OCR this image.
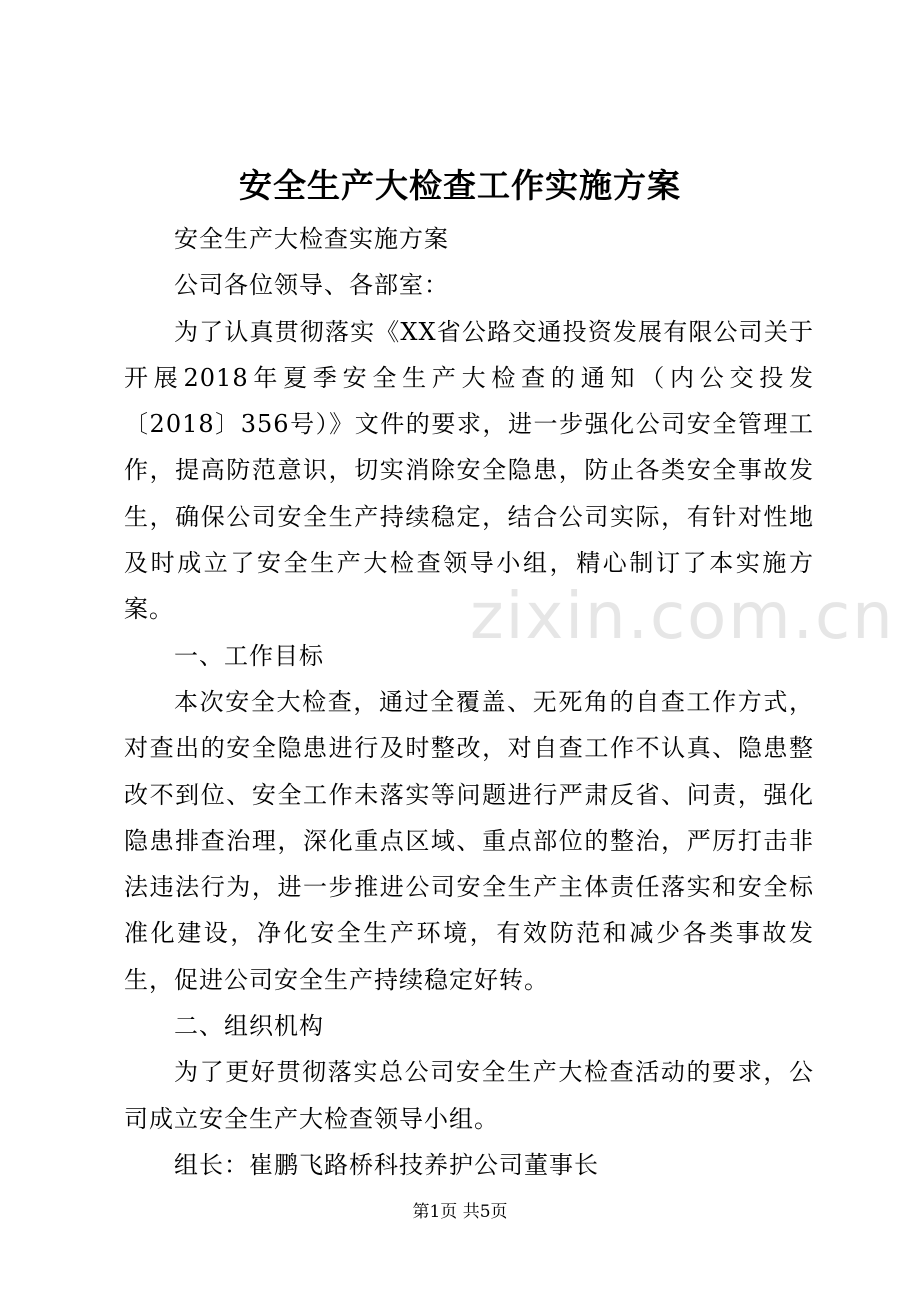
安全生产大检查工作实施方案
zixin.com.cn

安全生产大检查实施方案

公司各位领导、各部室：

为了认真贯彻落实《XX省公路交通投资发展有限公司关于开展2018年夏季安全生产大检查的通知（内公交投发〔2018〕356号）》文件的要求，进一步强化公司安全管理工作，提高防范意识，切实消除安全隐患，防止各类安全事故发生，确保公司安全生产持续稳定，结合公司实际，有针对性地及时成立了安全生产大检查领导小组，精心制订了本实施方案。

一、工作目标

本次安全大检查，通过全覆盖、无死角的自查工作方式，对查出的安全隐患进行及时整改，对自查工作不认真、隐患整改不到位、安全工作未落实等问题进行严肃反省、问责，强化隐患排查治理，深化重点区域、重点部位的整治，严厉打击非法违法行为，进一步推进公司安全生产主体责任落实和安全标准化建设，净化安全生产环境，有效防范和减少各类事故发生，促进公司安全生产持续稳定好转。

二、组织机构

为了更好贯彻落实总公司安全生产大检查活动的要求，公司成立安全生产大检查领导小组。

组长：崔鹏飞路桥科技养护公司董事长

第1页 共5页
